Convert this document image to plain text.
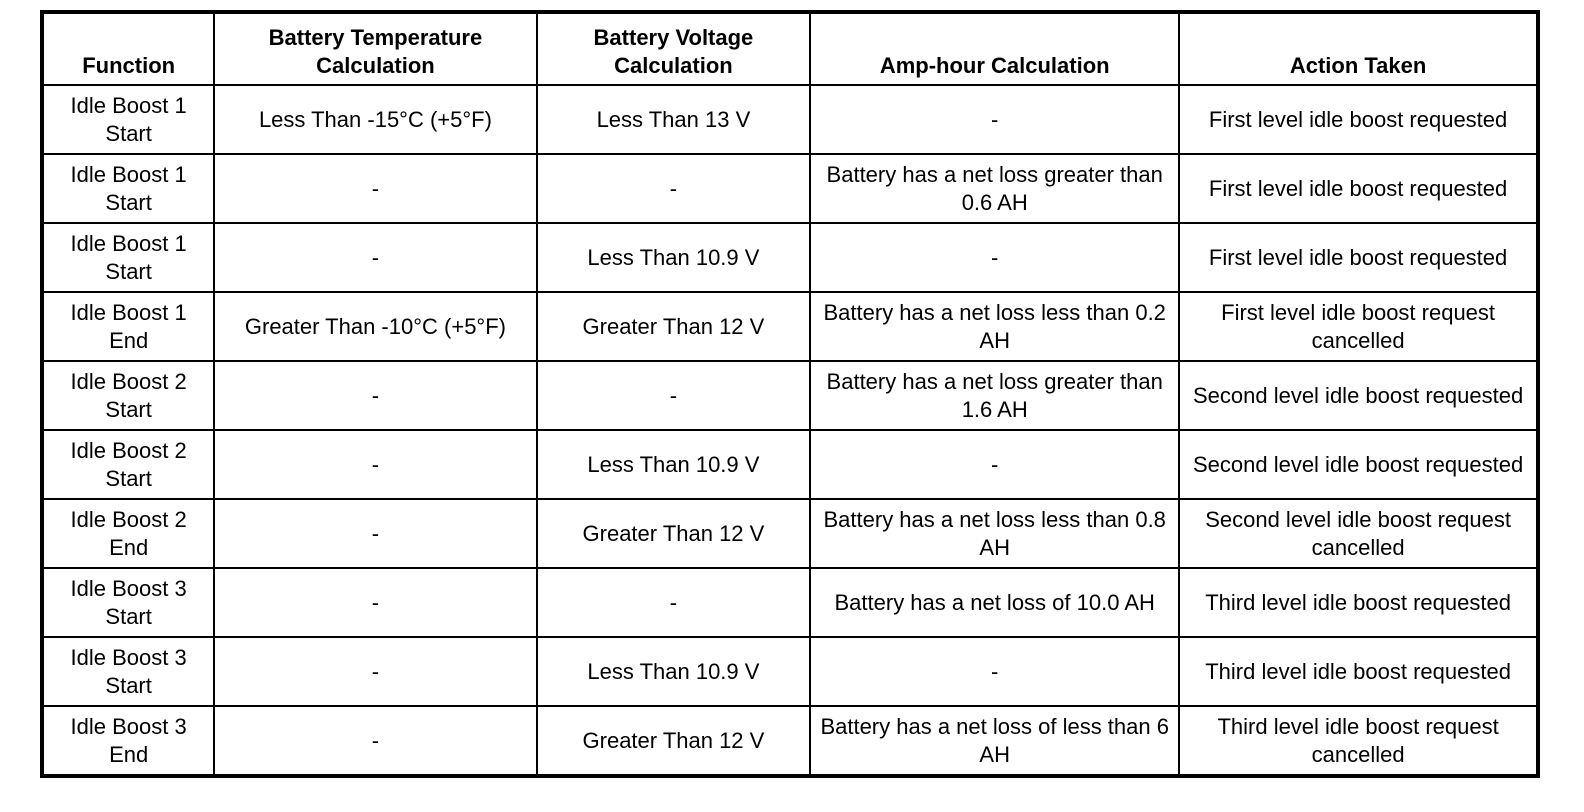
Function	Battery Temperature Calculation	Battery Voltage Calculation	Amp-hour Calculation	Action Taken
Idle Boost 1 Start	Less Than -15°C (+5°F)	Less Than 13 V	-	First level idle boost requested
Idle Boost 1 Start	-	-	Battery has a net loss greater than 0.6 AH	First level idle boost requested
Idle Boost 1 Start	-	Less Than 10.9 V	-	First level idle boost requested
Idle Boost 1 End	Greater Than -10°C (+5°F)	Greater Than 12 V	Battery has a net loss less than 0.2 AH	First level idle boost request cancelled
Idle Boost 2 Start	-	-	Battery has a net loss greater than 1.6 AH	Second level idle boost requested
Idle Boost 2 Start	-	Less Than 10.9 V	-	Second level idle boost requested
Idle Boost 2 End	-	Greater Than 12 V	Battery has a net loss less than 0.8 AH	Second level idle boost request cancelled
Idle Boost 3 Start	-	-	Battery has a net loss of 10.0 AH	Third level idle boost requested
Idle Boost 3 Start	-	Less Than 10.9 V	-	Third level idle boost requested
Idle Boost 3 End	-	Greater Than 12 V	Battery has a net loss of less than 6 AH	Third level idle boost request cancelled
